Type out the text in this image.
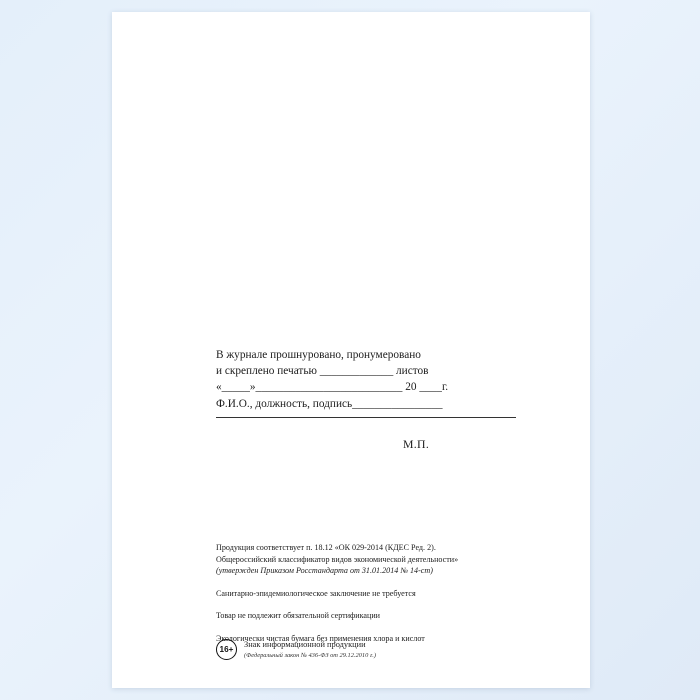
В журнале прошнуровано, пронумеровано
и скреплено печатью _____________ листов
«_____»__________________________ 20 ____г.
Ф.И.О., должность, подпись________________
М.П.

Продукция соответствует п. 18.12 «ОК 029-2014 (КДЕС Ред. 2).

Общероссийский классификатор видов экономической деятельности»

(утвержден Приказом Росстандарта от 31.01.2014 № 14-ст)

Санитарно-эпидемиологическое заключение не требуется

Товар не подлежит обязательной сертификации

Экологически чистая бумага без применения хлора и кислот

16+
Знак информационной продукции
(Федеральный закон № 436-ФЗ от 29.12.2010 г.)
